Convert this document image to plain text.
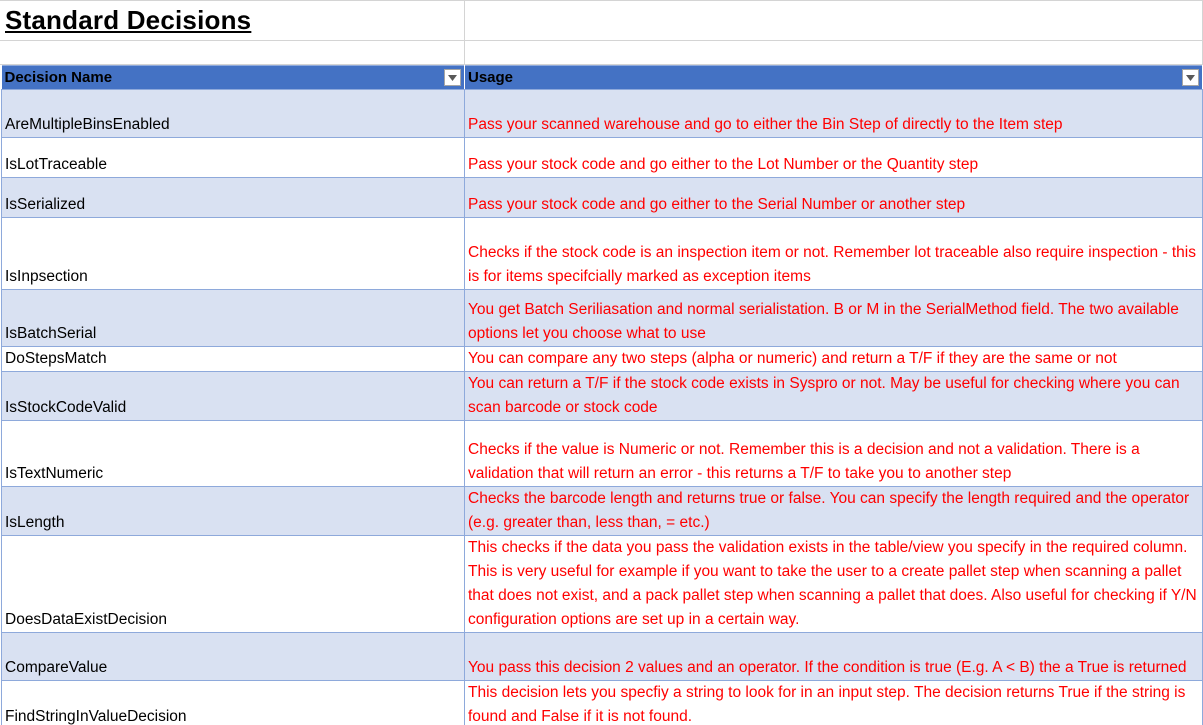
Standard Decisions
Decision Name	Usage

AreMultipleBinsEnabled	Pass your scanned warehouse and go to either the Bin Step of directly to the Item step
IsLotTraceable	Pass your stock code and go either to the Lot Number or the Quantity step
IsSerialized	Pass your stock code and go either to the Serial Number or another step
IsInpsection	Checks if the stock code is an inspection item or not. Remember lot traceable also require inspection - this is for items specifcially marked as exception items
IsBatchSerial	You get Batch Seriliasation and normal serialistation. B or M in the SerialMethod field. The two available options let you choose what to use
DoStepsMatch	You can compare any two steps (alpha or numeric) and return a T/F if they are the same or not
IsStockCodeValid	You can return a T/F if the stock code exists in Syspro or not. May be useful for checking where you can scan barcode or stock code
IsTextNumeric	Checks if the value is Numeric or not. Remember this is a decision and not a validation. There is a validation that will return an error - this returns a T/F to take you to another step
IsLength	Checks the barcode length and returns true or false. You can specify the length required and the operator (e.g. greater than, less than, = etc.)
DoesDataExistDecision	This checks if the data you pass the validation exists in the table/view you specify in the required column. This is very useful for example if you want to take the user to a create pallet step when scanning a pallet that does not exist, and a pack pallet step when scanning a pallet that does. Also useful for checking if Y/N configuration options are set up in a certain way.
CompareValue	You pass this decision 2 values and an operator. If the condition is true (E.g. A < B) the a True is returned
FindStringInValueDecision	This decision lets you specfiy a string to look for in an input step. The decision returns True if the string is found and False if it is not found.
